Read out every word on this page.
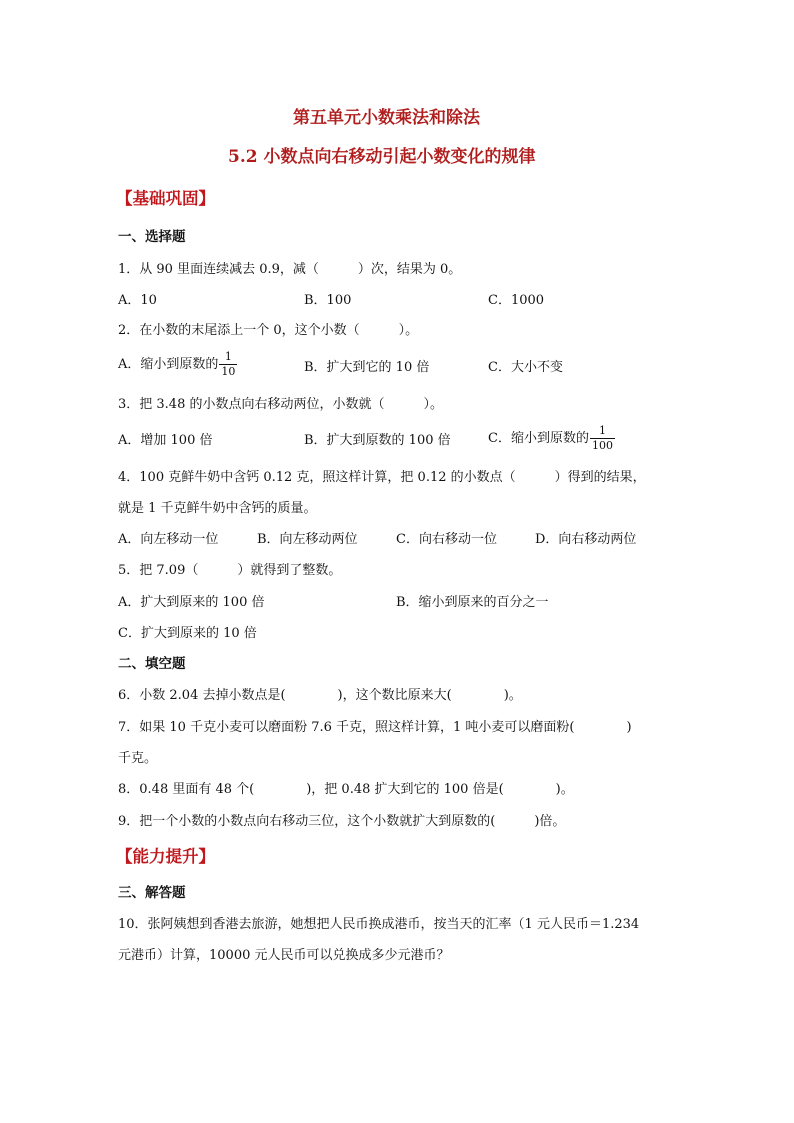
第五单元小数乘法和除法
5.2 小数点向右移动引起小数变化的规律
【基础巩固】
一、选择题
1．从 90 里面连续减去 0.9，减（　　　）次，结果为 0。
A．10	B．100	C．1000
2．在小数的末尾添上一个 0，这个小数（　　　）。
A．缩小到原数的 $\frac{1}{10}$	B．扩大到它的 10 倍	C．大小不变
3．把 3.48 的小数点向右移动两位，小数就（　　　）。
A．增加 100 倍	B．扩大到原数的 100 倍	C．缩小到原数的 $\frac{1}{100}$
4．100 克鲜牛奶中含钙 0.12 克，照这样计算，把 0.12 的小数点（　　　）得到的结果，
就是 1 千克鲜牛奶中含钙的质量。
A．向左移动一位	B．向左移动两位	C．向右移动一位	D．向右移动两位
5．把 7.09（　　　）就得到了整数。
A．扩大到原来的 100 倍	B．缩小到原来的百分之一
C．扩大到原来的 10 倍
二、填空题
6．小数 2.04 去掉小数点是(　　　　)，这个数比原来大(　　　　)。
7．如果 10 千克小麦可以磨面粉 7.6 千克，照这样计算，1 吨小麦可以磨面粉(　　　　)
千克。
8．0.48 里面有 48 个(　　　　)，把 0.48 扩大到它的 100 倍是(　　　　)。
9．把一个小数的小数点向右移动三位，这个小数就扩大到原数的(　　　)倍。
【能力提升】
三、解答题
10．张阿姨想到香港去旅游，她想把人民币换成港币，按当天的汇率（1 元人民币＝1.234
元港币）计算，10000 元人民币可以兑换成多少元港币？
